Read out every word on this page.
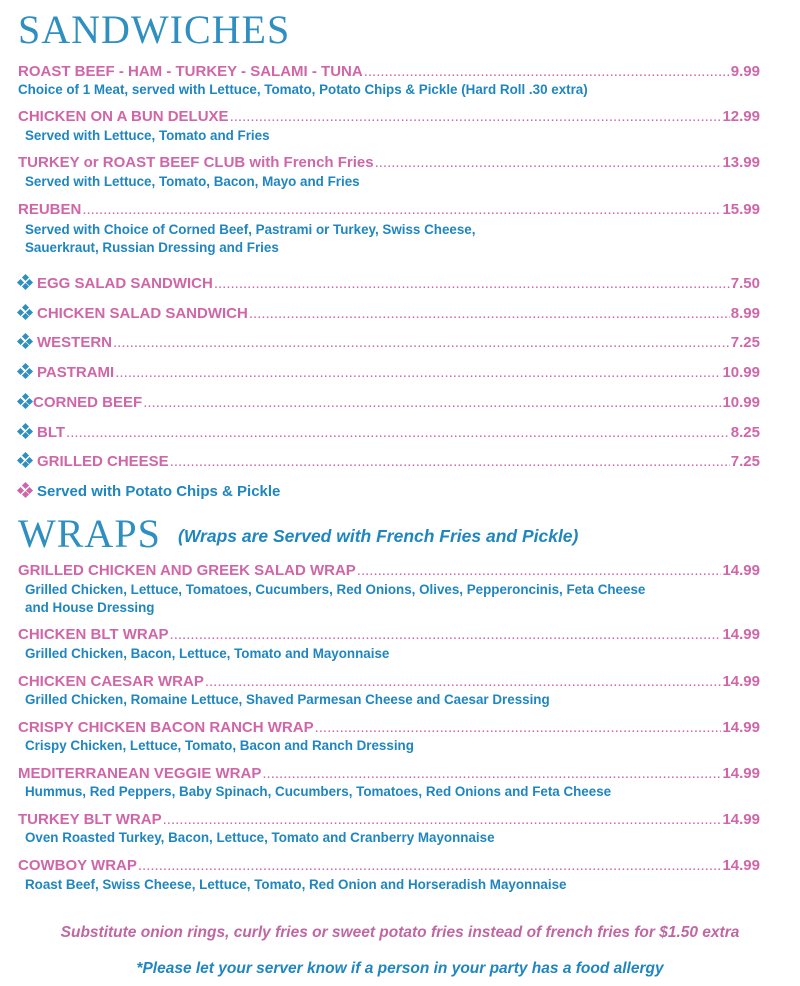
SANDWICHES
ROAST BEEF - HAM - TURKEY - SALAMI - TUNA .....	9.99
Choice of 1 Meat, served with Lettuce, Tomato, Potato Chips & Pickle (Hard Roll .30 extra)
CHICKEN ON A BUN DELUXE .....	12.99
Served with Lettuce, Tomato and Fries
TURKEY or ROAST BEEF CLUB with French Fries .....	13.99
Served with Lettuce, Tomato, Bacon, Mayo and Fries
REUBEN .....	15.99
Served with Choice of Corned Beef, Pastrami or Turkey, Swiss Cheese,
Sauerkraut, Russian Dressing and Fries
EGG SALAD SANDWICH .....	7.50
CHICKEN SALAD SANDWICH .....	8.99
WESTERN .....	7.25
PASTRAMI .....	10.99
CORNED BEEF .....	10.99
BLT .....	8.25
GRILLED CHEESE .....	7.25
Served with Potato Chips & Pickle
WRAPS (Wraps are Served with French Fries and Pickle)
GRILLED CHICKEN AND GREEK SALAD WRAP .....	14.99
Grilled Chicken, Lettuce, Tomatoes, Cucumbers, Red Onions, Olives, Pepperoncinis, Feta Cheese
and House Dressing
CHICKEN BLT WRAP .....	14.99
Grilled Chicken, Bacon, Lettuce, Tomato and Mayonnaise
CHICKEN CAESAR WRAP .....	14.99
Grilled Chicken, Romaine Lettuce, Shaved Parmesan Cheese and Caesar Dressing
CRISPY CHICKEN BACON RANCH WRAP .....	14.99
Crispy Chicken, Lettuce, Tomato, Bacon and Ranch Dressing
MEDITERRANEAN VEGGIE WRAP .....	14.99
Hummus, Red Peppers, Baby Spinach, Cucumbers, Tomatoes, Red Onions and Feta Cheese
TURKEY BLT WRAP .....	14.99
Oven Roasted Turkey, Bacon, Lettuce, Tomato and Cranberry Mayonnaise
COWBOY WRAP .....	14.99
Roast Beef, Swiss Cheese, Lettuce, Tomato, Red Onion and Horseradish Mayonnaise
Substitute onion rings, curly fries or sweet potato fries instead of french fries for $1.50 extra
*Please let your server know if a person in your party has a food allergy
